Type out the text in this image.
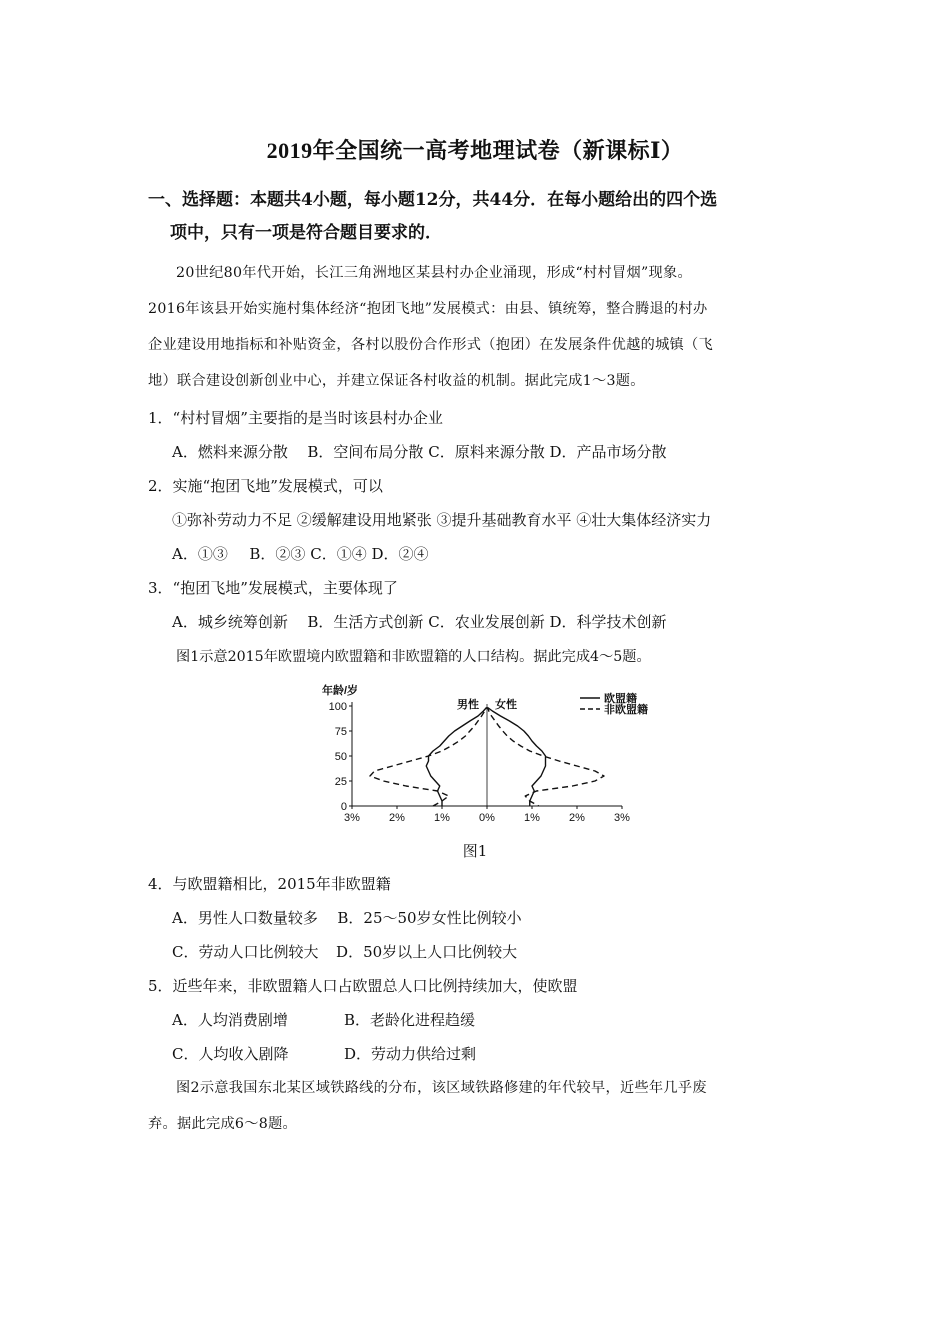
2019年全国统一高考地理试卷（新课标Ⅰ）
一、选择题：本题共4小题，每小题12分，共44分．在每小题给出的四个选
项中，只有一项是符合题目要求的．
20世纪80年代开始，长江三角洲地区某县村办企业涌现，形成“村村冒烟”现象。
2016年该县开始实施村集体经济“抱团飞地”发展模式：由县、镇统筹，整合腾退的村办
企业建设用地指标和补贴资金，各村以股份合作形式（抱团）在发展条件优越的城镇（飞
地）联合建设创新创业中心，并建立保证各村收益的机制。据此完成1～3题。
1．“村村冒烟”主要指的是当时该县村办企业
A．燃料来源分散 B．空间布局分散 C．原料来源分散 D．产品市场分散
2．实施“抱团飞地”发展模式，可以
①弥补劳动力不足 ②缓解建设用地紧张 ③提升基础教育水平 ④壮大集体经济实力
A．①③ B．②③ C．①④ D．②④
3．“抱团飞地”发展模式，主要体现了
A．城乡统筹创新 B．生活方式创新 C．农业发展创新 D．科学技术创新
图1示意2015年欧盟境内欧盟籍和非欧盟籍的人口结构。据此完成4～5题。
100
75
50
25
0
3%	2%	1%	0%	1%	2%	3%
年龄/岁
男性 女性	欧盟籍
非欧盟籍
图1
4．与欧盟籍相比，2015年非欧盟籍
A．男性人口数量较多 B．25～50岁女性比例较小
C．劳动人口比例较大 D．50岁以上人口比例较大
5．近些年来，非欧盟籍人口占欧盟总人口比例持续加大，使欧盟
A．人均消费剧增	B．老龄化进程趋缓
C．人均收入剧降	D．劳动力供给过剩
图2示意我国东北某区域铁路线的分布，该区域铁路修建的年代较早，近些年几乎废
弃。据此完成6～8题。
